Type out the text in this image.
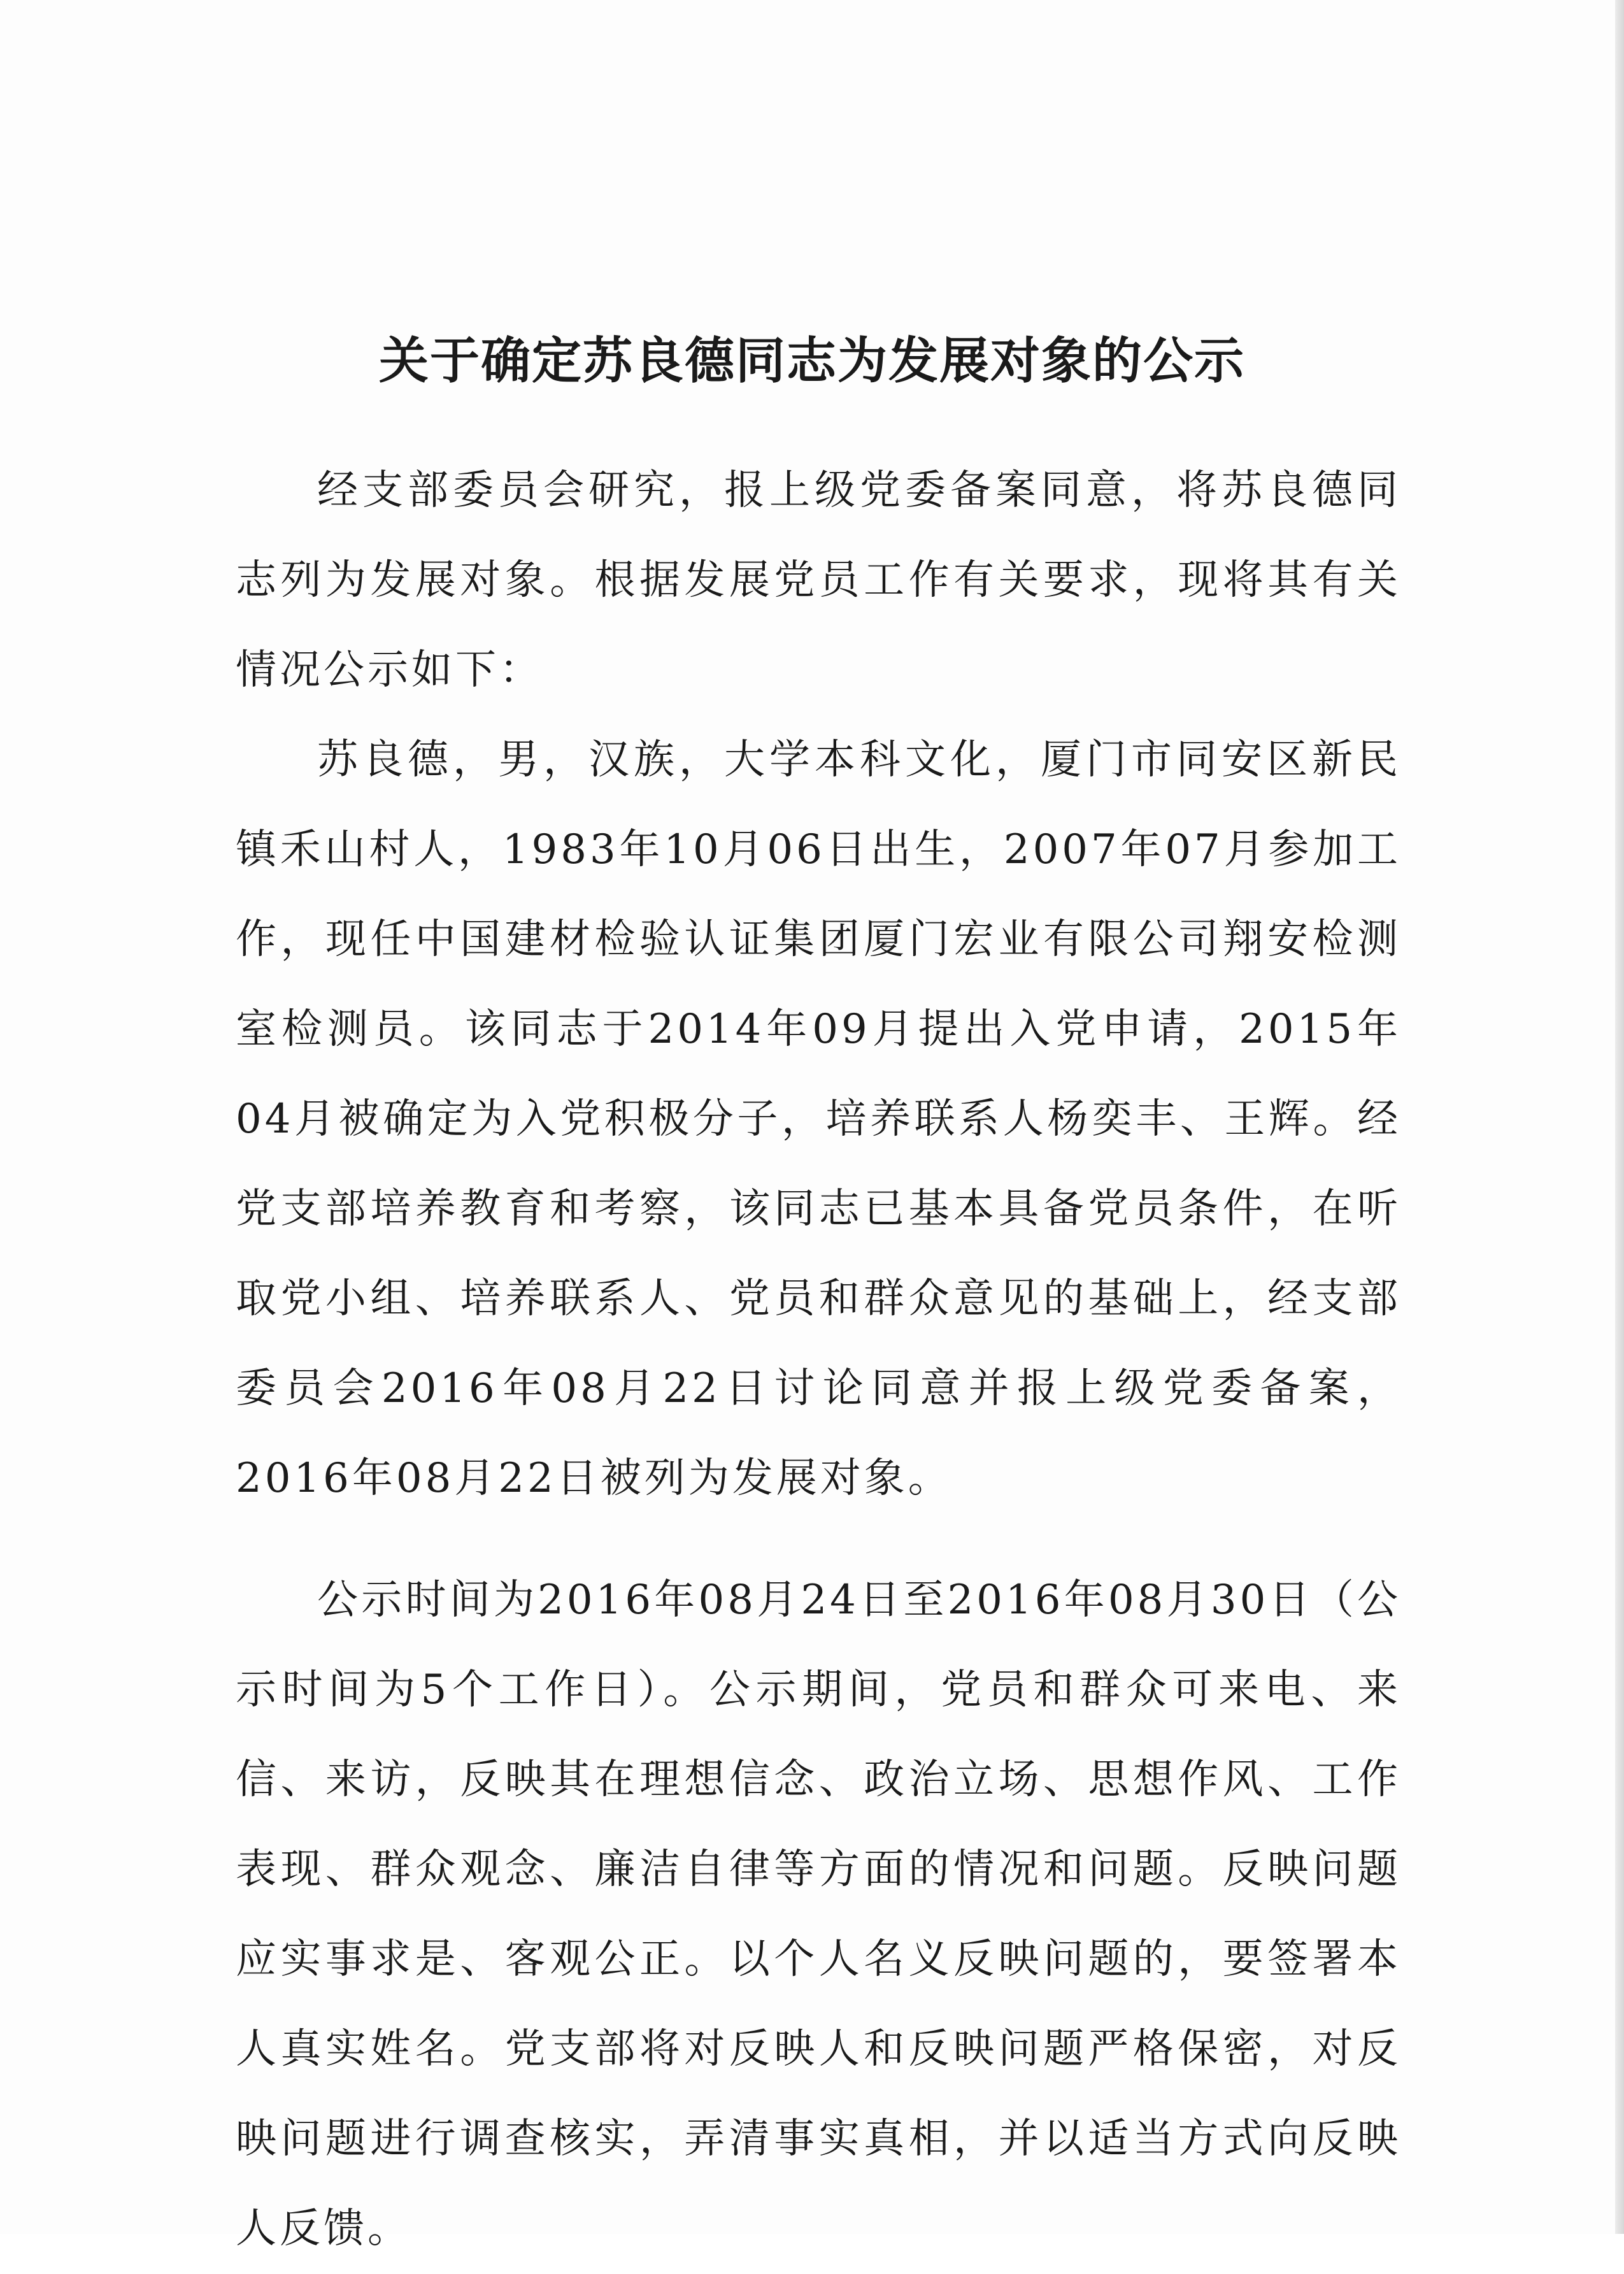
关于确定苏良德同志为发展对象的公示

经支部委员会研究，报上级党委备案同意，将苏良德同志列为发展对象。根据发展党员工作有关要求，现将其有关情况公示如下：

苏良德，男，汉族，大学本科文化，厦门市同安区新民镇禾山村人，1983年10月06日出生，2007年07月参加工作，现任中国建材检验认证集团厦门宏业有限公司翔安检测室检测员。该同志于2014年09月提出入党申请，2015年04月被确定为入党积极分子，培养联系人杨奕丰、王辉。经党支部培养教育和考察，该同志已基本具备党员条件，在听取党小组、培养联系人、党员和群众意见的基础上，经支部委员会2016年08月22日讨论同意并报上级党委备案，2016年08月22日被列为发展对象。

公示时间为2016年08月24日至2016年08月30日（公示时间为5个工作日）。公示期间，党员和群众可来电、来信、来访，反映其在理想信念、政治立场、思想作风、工作表现、群众观念、廉洁自律等方面的情况和问题。反映问题应实事求是、客观公正。以个人名义反映问题的，要签署本人真实姓名。党支部将对反映人和反映问题严格保密，对反映问题进行调查核实，弄清事实真相，并以适当方式向反映人反馈。
